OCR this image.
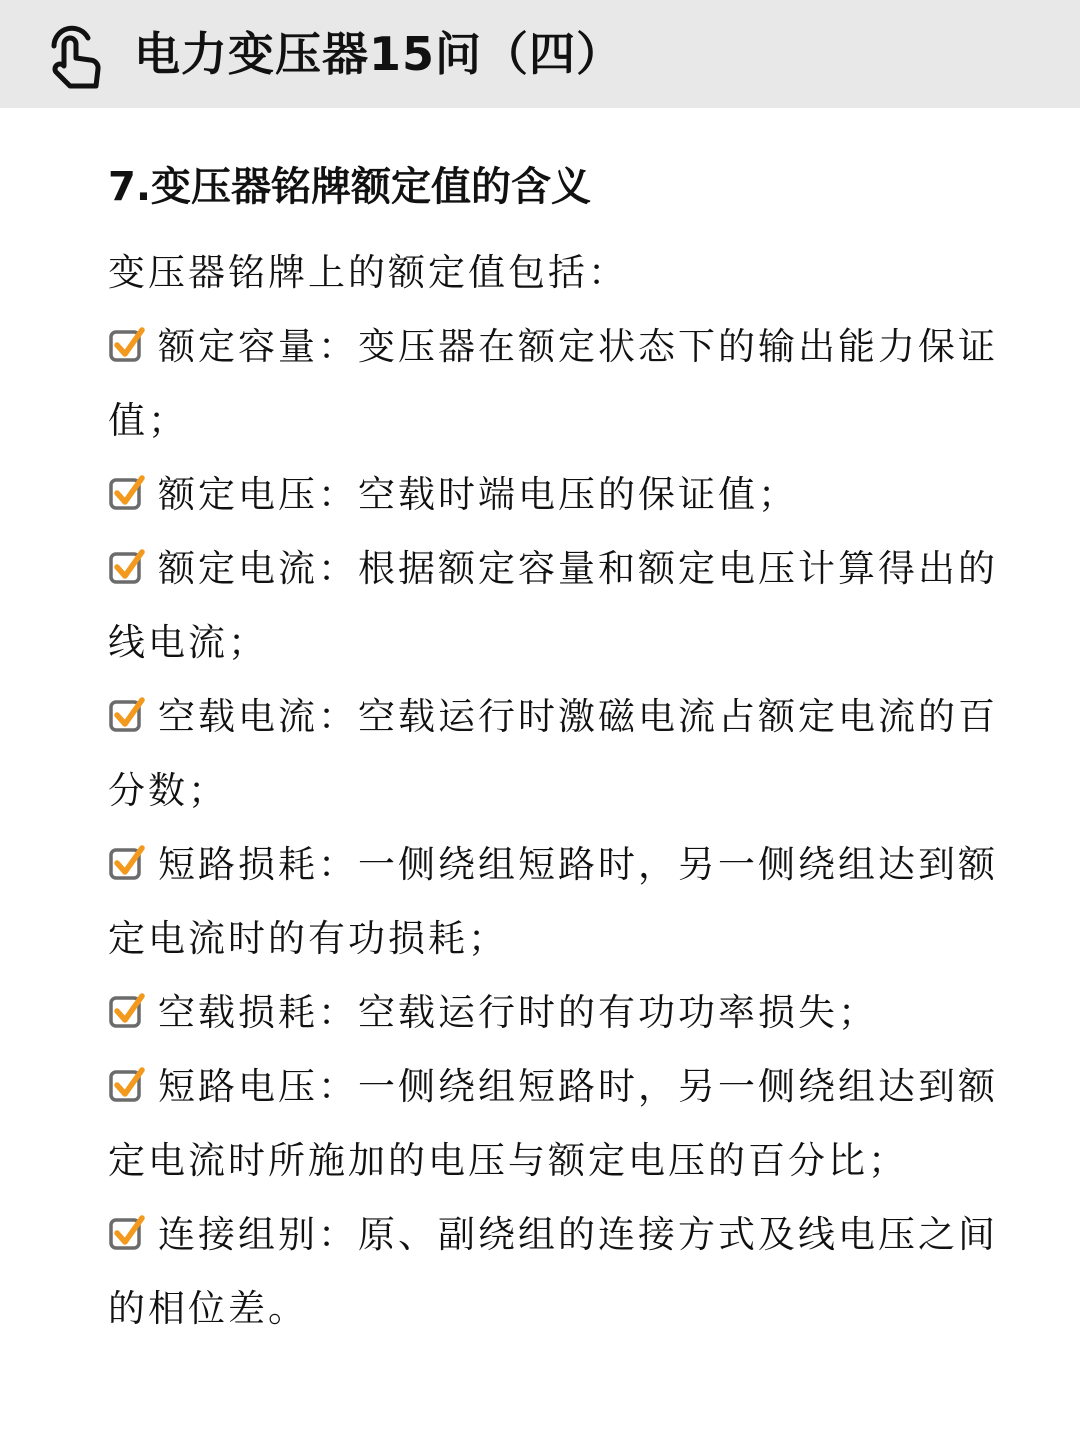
电力变压器15问（四）
7.变压器铭牌额定值的含义
变压器铭牌上的额定值包括：
额定容量：变压器在额定状态下的输出能力保证值；
额定电压：空载时端电压的保证值；
额定电流：根据额定容量和额定电压计算得出的线电流；
空载电流：空载运行时激磁电流占额定电流的百分数；
短路损耗：一侧绕组短路时，另一侧绕组达到额定电流时的有功损耗；
空载损耗：空载运行时的有功功率损失；
短路电压：一侧绕组短路时，另一侧绕组达到额定电流时所施加的电压与额定电压的百分比；
连接组别：原、副绕组的连接方式及线电压之间的相位差。
